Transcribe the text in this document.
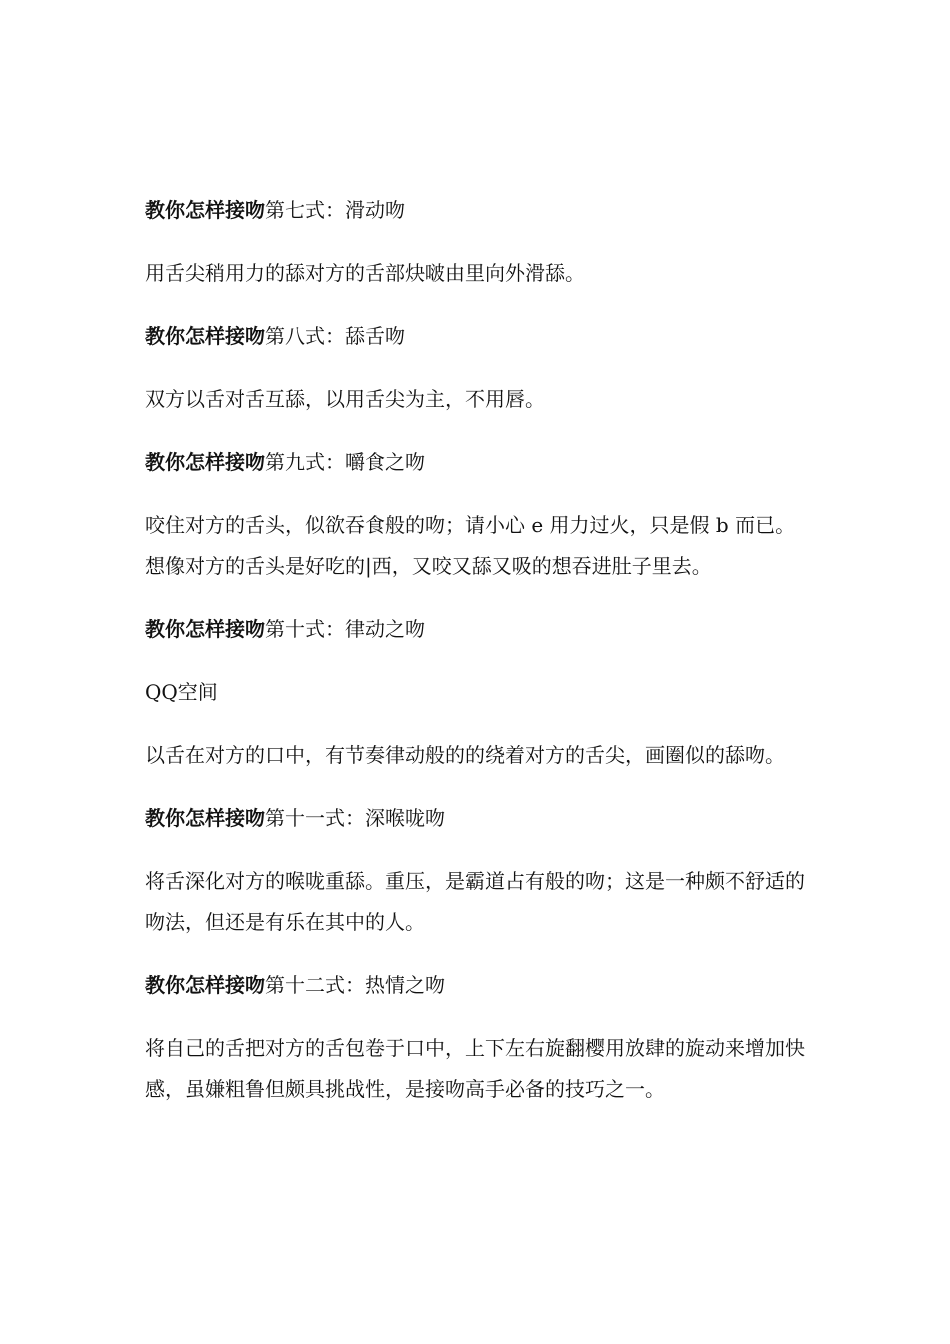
教你怎样接吻第七式：滑动吻

用舌尖稍用力的舔对方的舌部炔啵由里向外滑舔。

教你怎样接吻第八式：舔舌吻

双方以舌对舌互舔，以用舌尖为主，不用唇。

教你怎样接吻第九式：嚼食之吻

咬住对方的舌头，似欲吞食般的吻；请小心 e 用力过火，只是假 b 而已。想像对方的舌头是好吃的|西，又咬又舔又吸的想吞进肚子里去。

教你怎样接吻第十式：律动之吻

QQ空间

以舌在对方的口中，有节奏律动般的的绕着对方的舌尖，画圈似的舔吻。

教你怎样接吻第十一式：深喉咙吻

将舌深化对方的喉咙重舔。重压，是霸道占有般的吻；这是一种颇不舒适的吻法，但还是有乐在其中的人。

教你怎样接吻第十二式：热情之吻

将自己的舌把对方的舌包卷于口中，上下左右旋翻樱用放肆的旋动来增加快感，虽嫌粗鲁但颇具挑战性，是接吻高手必备的技巧之一。
